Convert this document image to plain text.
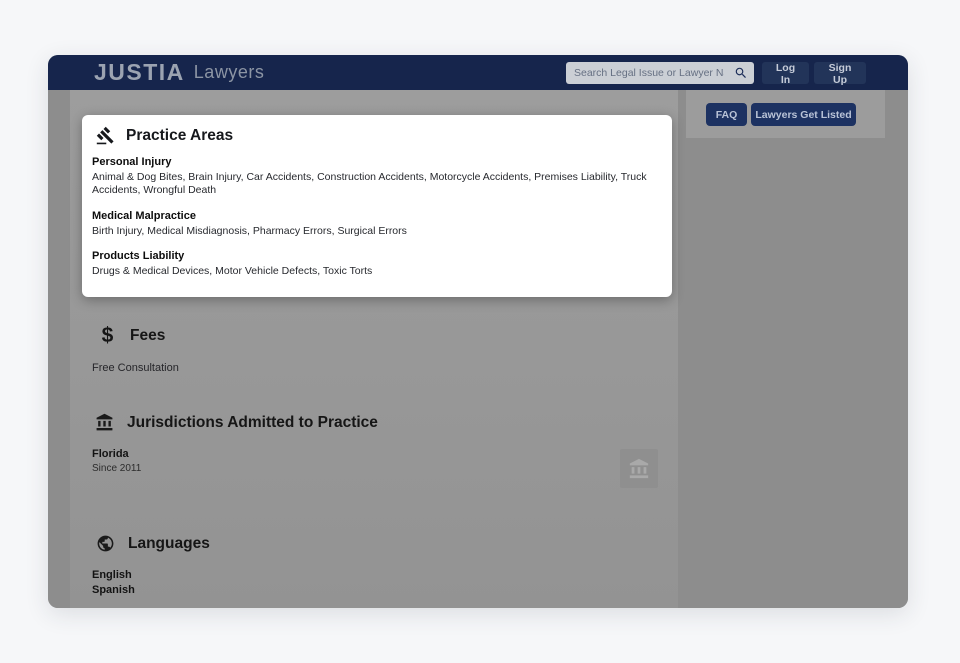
JUSTIA Lawyers
Search Legal Issue or Lawyer Name	Log In
Sign Up
FAQ	Lawyers Get Listed
Practice Areas
Personal Injury
Animal & Dog Bites, Brain Injury, Car Accidents, Construction Accidents, Motorcycle Accidents, Premises Liability, Truck Accidents, Wrongful Death
Medical Malpractice
Birth Injury, Medical Misdiagnosis, Pharmacy Errors, Surgical Errors
Products Liability
Drugs & Medical Devices, Motor Vehicle Defects, Toxic Torts
$ Fees
Free Consultation
Jurisdictions Admitted to Practice
Florida
Since 2011
Languages
English
Spanish
